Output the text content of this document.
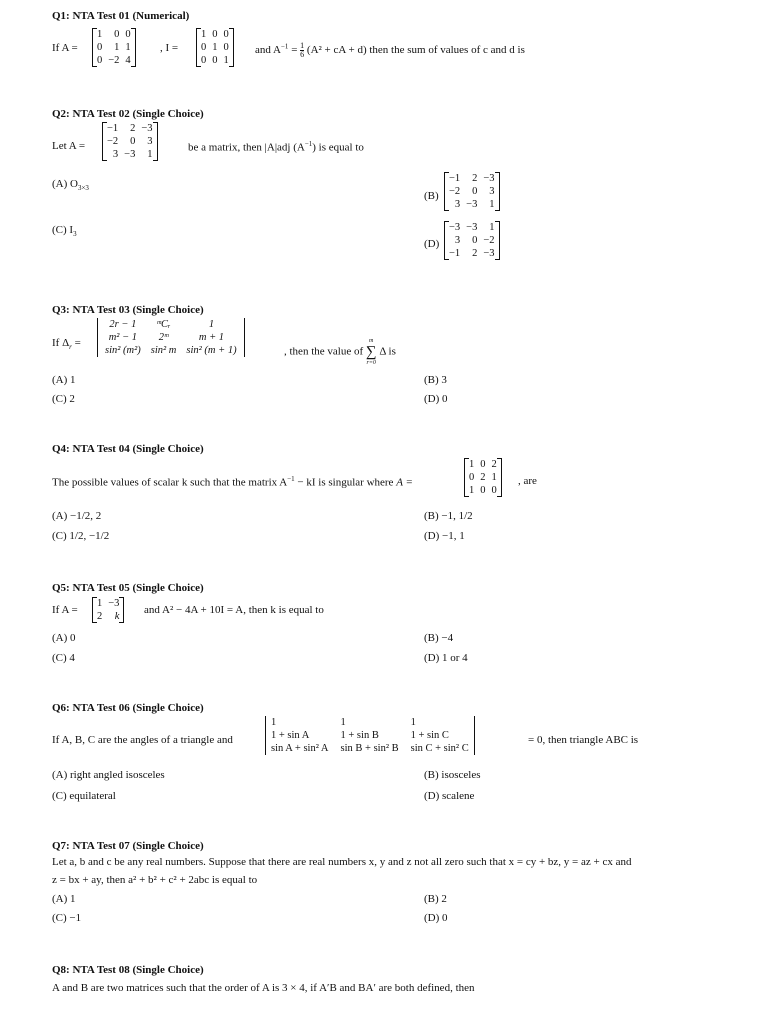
Q1: NTA Test 01 (Numerical)
If A =
1	0	0
0	1	1
0	−2	4
, I =
1	0	0
0	1	0
0	0	1
and $A^{-1} = \frac{1}{6} (A^2$ + cA + d) then the sum of values of c and d is
Q2: NTA Test 02 (Single Choice)
Let A =
−1	2	−3
−2	0	3
3	−3	1
be a matrix, then |A|adj $(A^{-1})$ is equal to
(A) $O_{3\times 3}$
(B)
−1	2	−3
−2	0	3
3	−3	1
(C) $I_3$
(D)
−3	−3	1
3	0	−2
−1	2	−3
Q3: NTA Test 03 (Single Choice)
If $\Delta_r$ =
2r − 1	ᵐCᵣ	1
m² − 1	2ᵐ	m + 1
sin² (m²)	sin² m	sin² (m + 1)	, then the value of
m
∑
r=0
Δ is
(A) 1	(B) 3
(C) 2	(D) 0
Q4: NTA Test 04 (Single Choice)
The possible values of scalar k such that the matrix $A^{-1}$ − kI is singular where A =
1	0	2
0	2	1
1	0	0
, are
(A) −1/2, 2	(B) −1, 1/2
(C) 1/2, −1/2	(D) −1, 1
Q5: NTA Test 05 (Single Choice)
If A =
1	−3
2	k
and A² − 4A + 10I = A, then k is equal to
(A) 0	(B) −4
(C) 4	(D) 1 or 4
Q6: NTA Test 06 (Single Choice)
If A, B, C are the angles of a triangle and
1	1	1
1 + sin A	1 + sin B	1 + sin C
sin A + sin² A	sin B + sin² B	sin C + sin² C
= 0, then triangle ABC is
(A) right angled isosceles	(B) isosceles
(C) equilateral	(D) scalene
Q7: NTA Test 07 (Single Choice)
Let a, b and c be any real numbers. Suppose that there are real numbers x, y and z not all zero such that x = cy + bz, y = az + cx and
z = bx + ay, then a² + b² + c² + 2abc is equal to
(A) 1	(B) 2
(C) −1	(D) 0
Q8: NTA Test 08 (Single Choice)
A and B are two matrices such that the order of A is 3 × 4, if A′B and BA′ are both defined, then
